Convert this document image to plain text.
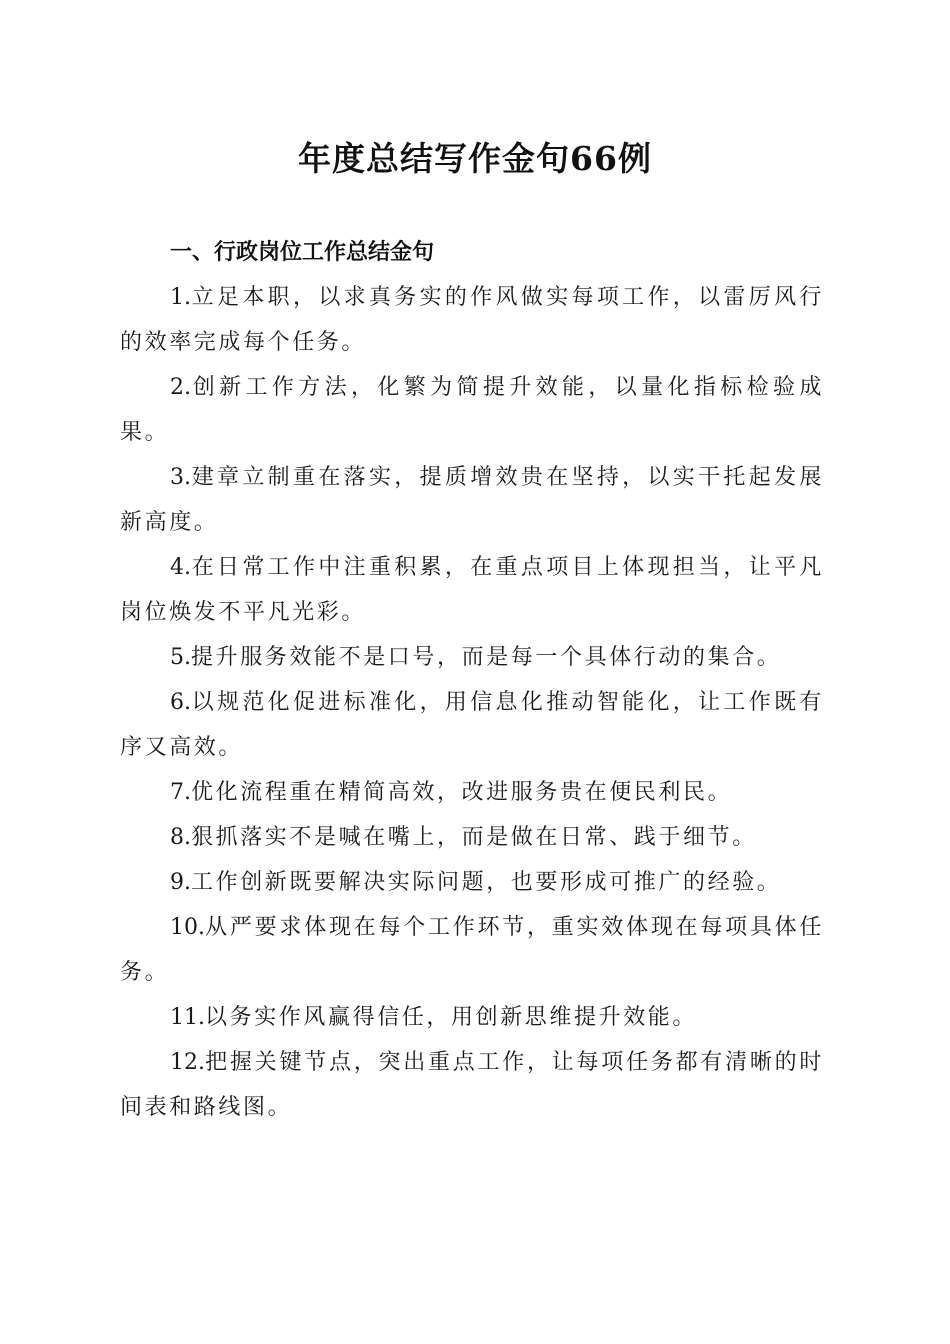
年度总结写作金句66例
一、行政岗位工作总结金句

1.立足本职，以求真务实的作风做实每项工作，以雷厉风行的效率完成每个任务。

2.创新工作方法，化繁为简提升效能，以量化指标检验成果。

3.建章立制重在落实，提质增效贵在坚持，以实干托起发展新高度。

4.在日常工作中注重积累，在重点项目上体现担当，让平凡岗位焕发不平凡光彩。

5.提升服务效能不是口号，而是每一个具体行动的集合。

6.以规范化促进标准化，用信息化推动智能化，让工作既有序又高效。

7.优化流程重在精简高效，改进服务贵在便民利民。

8.狠抓落实不是喊在嘴上，而是做在日常、践于细节。

9.工作创新既要解决实际问题，也要形成可推广的经验。

10.从严要求体现在每个工作环节，重实效体现在每项具体任务。

11.以务实作风赢得信任，用创新思维提升效能。

12.把握关键节点，突出重点工作，让每项任务都有清晰的时间表和路线图。
